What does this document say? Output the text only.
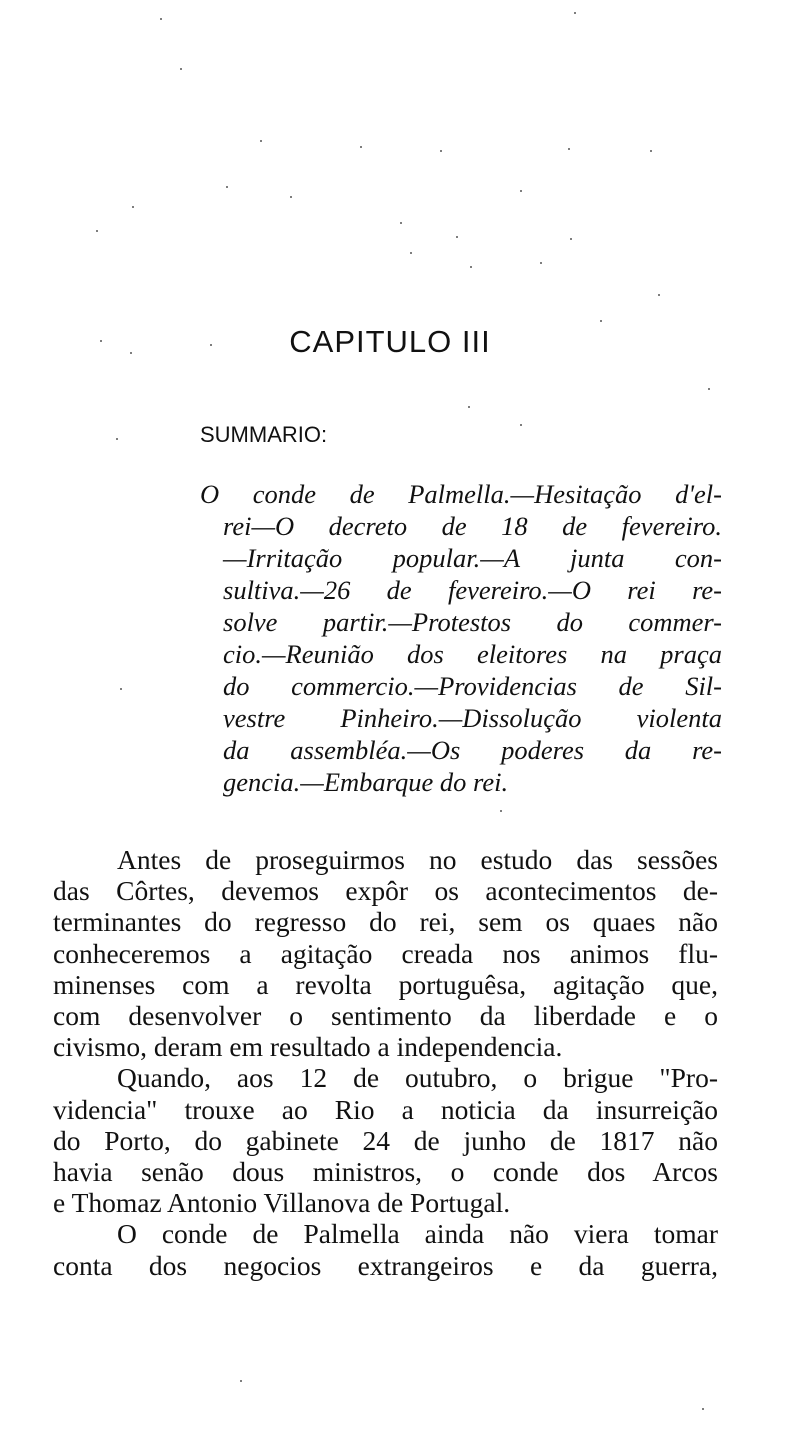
CAPITULO III
SUMMARIO:
O conde de Palmella.—Hesitação d'el-
rei—O decreto de 18 de fevereiro.
—Irritação popular.—A junta con-
sultiva.—26 de fevereiro.—O rei re-
solve partir.—Protestos do commer-
cio.—Reunião dos eleitores na praça
do commercio.—Providencias de Sil-
vestre Pinheiro.—Dissolução violenta
da assembléa.—Os poderes da re-
gencia.—Embarque do rei.
Antes de proseguirmos no estudo das sessões
das Côrtes, devemos expôr os acontecimentos de-
terminantes do regresso do rei, sem os quaes não
conheceremos a agitação creada nos animos flu-
minenses com a revolta portuguêsa, agitação que,
com desenvolver o sentimento da liberdade e o
civismo, deram em resultado a independencia.
Quando, aos 12 de outubro, o brigue "Pro-
videncia" trouxe ao Rio a noticia da insurreição
do Porto, do gabinete 24 de junho de 1817 não
havia senão dous ministros, o conde dos Arcos
e Thomaz Antonio Villanova de Portugal.
O conde de Palmella ainda não viera tomar
conta dos negocios extrangeiros e da guerra,
